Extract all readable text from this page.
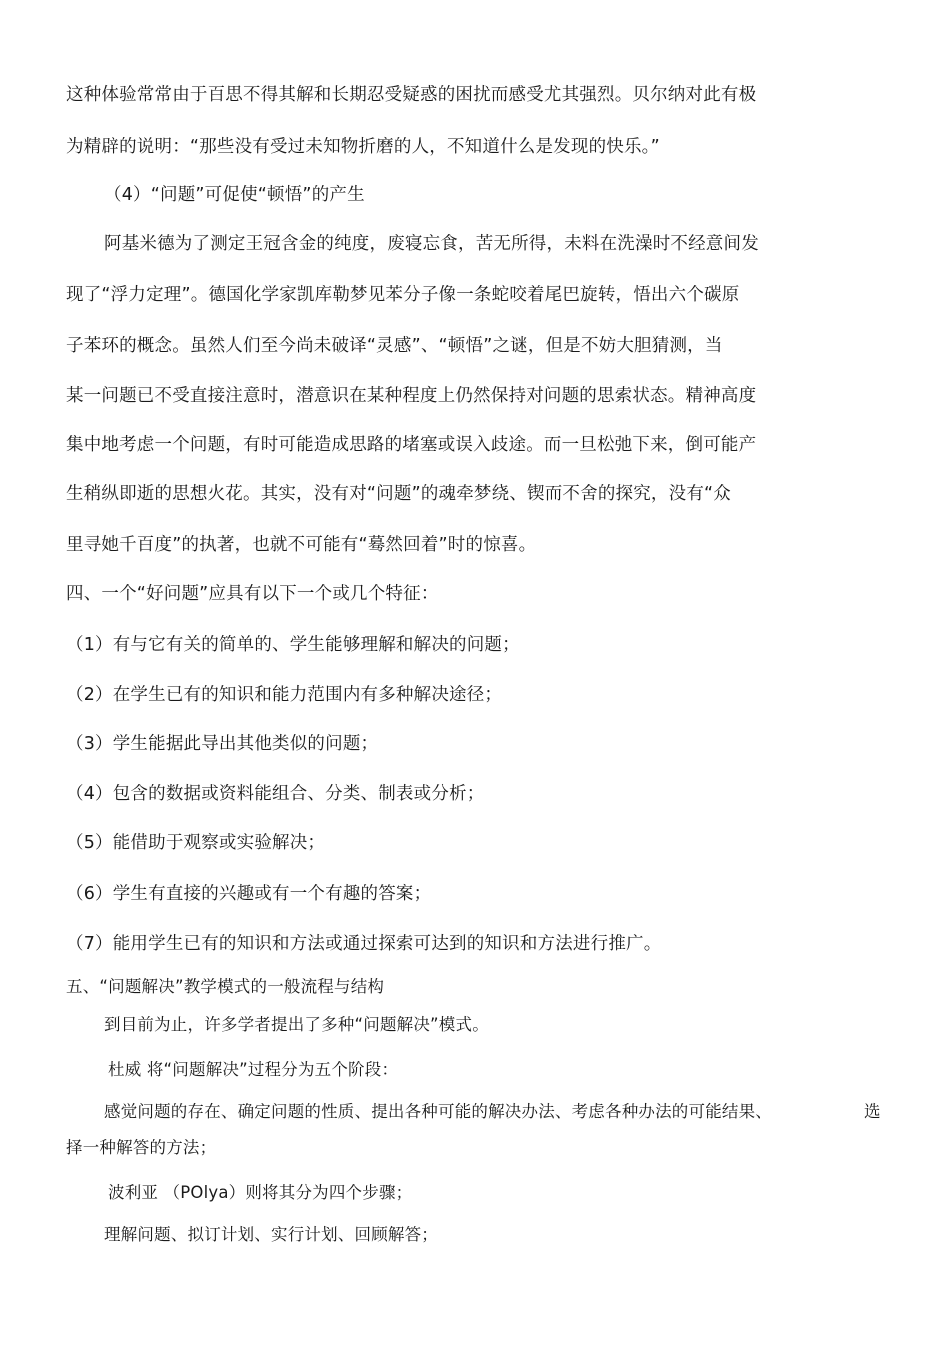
这种体验常常由于百思不得其解和长期忍受疑惑的困扰而感受尤其强烈。贝尔纳对此有极
为精辟的说明：“那些没有受过未知物折磨的人，不知道什么是发现的快乐。”
（4）“问题”可促使“顿悟”的产生
阿基米德为了测定王冠含金的纯度，废寝忘食，苦无所得，未料在洗澡时不经意间发
现了“浮力定理”。德国化学家凯库勒梦见苯分子像一条蛇咬着尾巴旋转，悟出六个碳原
子苯环的概念。虽然人们至今尚未破译“灵感”、“顿悟”之谜，但是不妨大胆猜测，当
某一问题已不受直接注意时，潜意识在某种程度上仍然保持对问题的思索状态。精神高度
集中地考虑一个问题，有时可能造成思路的堵塞或误入歧途。而一旦松弛下来，倒可能产
生稍纵即逝的思想火花。其实，没有对“问题”的魂牵梦绕、锲而不舍的探究，没有“众
里寻她千百度”的执著，也就不可能有“蓦然回着”时的惊喜。
四、一个“好问题”应具有以下一个或几个特征：
（1）有与它有关的简单的、学生能够理解和解决的问题；
（2）在学生已有的知识和能力范围内有多种解决途径；
（3）学生能据此导出其他类似的问题；
（4）包含的数据或资料能组合、分类、制表或分析；
（5）能借助于观察或实验解决；
（6）学生有直接的兴趣或有一个有趣的答案；
（7）能用学生已有的知识和方法或通过探索可达到的知识和方法进行推广。
五、“问题解决”教学模式的一般流程与结构
到目前为止，许多学者提出了多种“问题解决”模式。
杜威 将“问题解决”过程分为五个阶段：
感觉问题的存在、确定问题的性质、提出各种可能的解决办法、考虑各种办法的可能结果、	选
择一种解答的方法；
波利亚 （POlya）则将其分为四个步骤；
理解问题、拟订计划、实行计划、回顾解答；
